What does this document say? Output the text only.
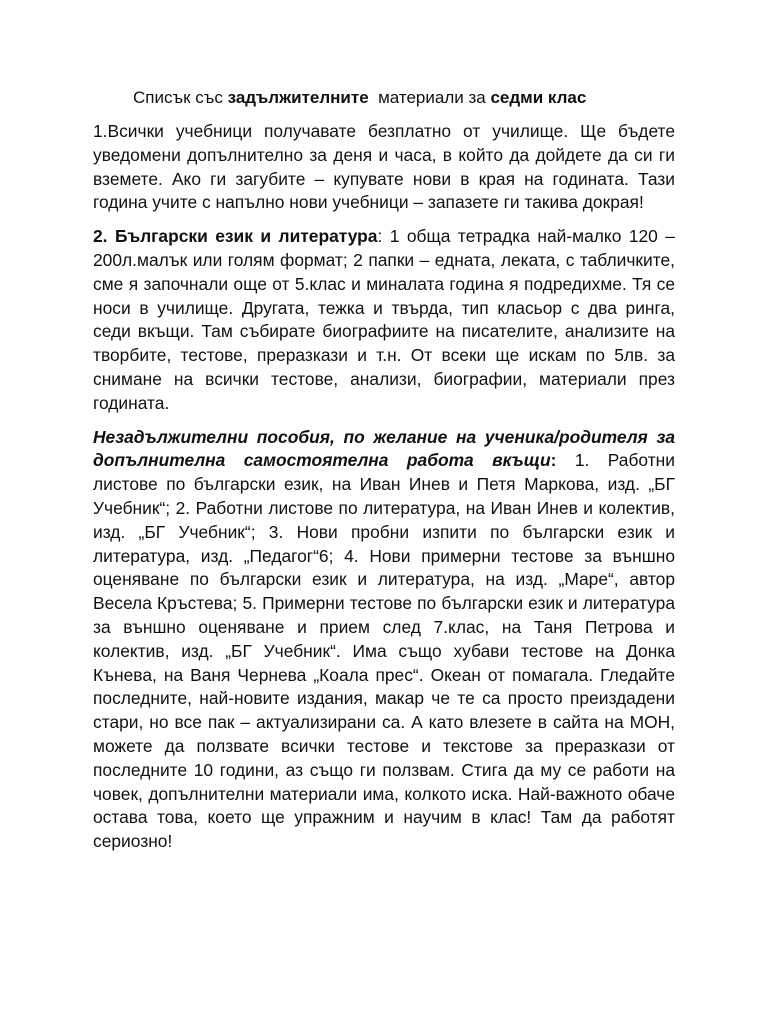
Списък със задължителните  материали за седми клас

1.Всички учебници получавате безплатно от училище. Ще бъдете уведомени допълнително за деня и часа, в който да дойдете да си ги вземете. Ако ги загубите – купувате нови в края на годината. Тази година учите с напълно нови учебници – запазете ги такива докрая!

2. Български език и литература: 1 обща тетрадка най-малко 120 – 200л.малък или голям формат; 2 папки – едната, леката, с табличките, сме я започнали още от 5.клас и миналата година я подредихме. Тя се носи в училище. Другата, тежка и твърда, тип класьор с два ринга, седи вкъщи. Там събирате биографиите на писателите, анализите на творбите, тестове, преразкази и т.н. От всеки ще искам по 5лв. за снимане на всички тестове, анализи, биографии, материали през годината.

Незадължителни пособия, по желание на ученика/родителя за допълнителна самостоятелна работа вкъщи: 1. Работни листове по български език, на Иван Инев и Петя Маркова, изд. „БГ Учебник“; 2. Работни листове по литература, на Иван Инев и колектив, изд. „БГ Учебник“; 3. Нови пробни изпити по български език и литература, изд. „Педагог“6; 4. Нови примерни тестове за външно оценяване по български език и литература, на изд. „Маре“, автор Весела Кръстева; 5. Примерни тестове по български език и литература за външно оценяване и прием след 7.клас, на Таня Петрова и колектив, изд. „БГ Учебник“. Има също хубави тестове на Донка Кънева, на Ваня Чернева „Коала прес“. Океан от помагала. Гледайте последните, най-новите издания, макар че те са просто преиздадени стари, но все пак – актуализирани са. А като влезете в сайта на МОН, можете да ползвате всички тестове и текстове за преразкази от последните 10 години, аз също ги ползвам. Стига да му се работи на човек, допълнителни материали има, колкото иска. Най-важното обаче остава това, което ще упражним и научим в клас! Там да работят сериозно!
